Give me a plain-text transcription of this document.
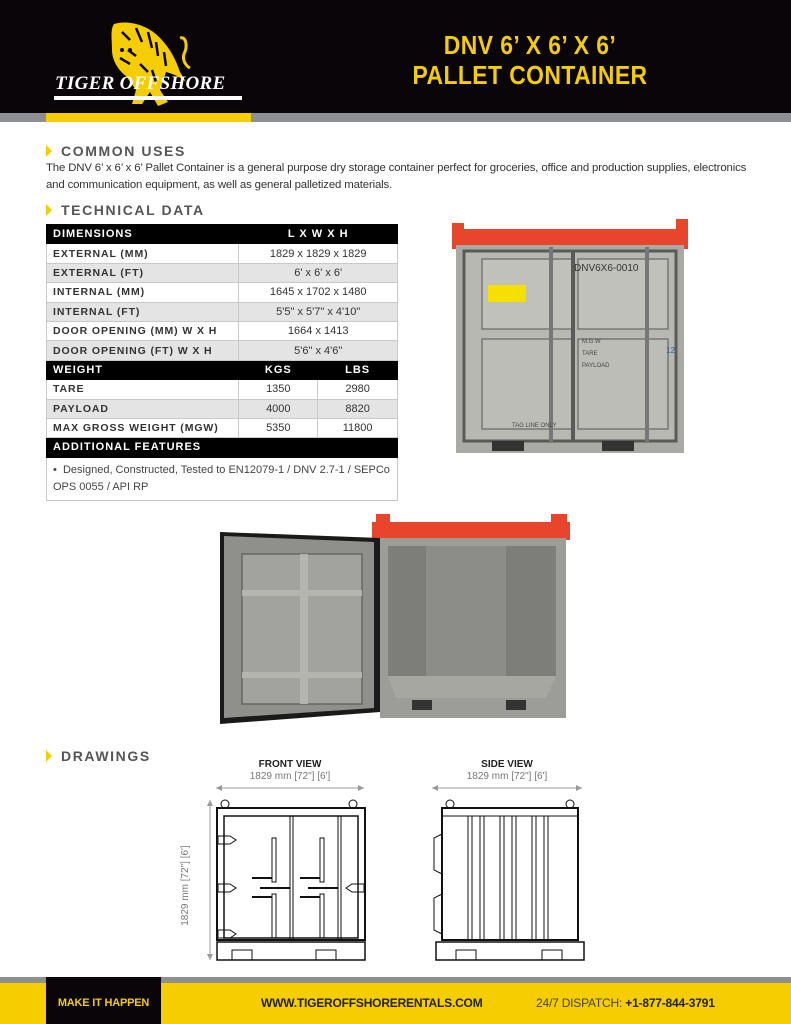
TIGER OFFSHORE
DNV 6’ X 6’ X 6’
PALLET CONTAINER
COMMON USES
The DNV 6’ x 6’ x 6’ Pallet Container is a general purpose dry storage container perfect for groceries, office and production supplies, electronics and communication equipment, as well as general palletized materials.
TECHNICAL DATA
DIMENSIONS	L X W X H	
EXTERNAL (MM)	1829 x 1829 x 1829	
EXTERNAL (FT)	6' x 6' x 6'	
INTERNAL (MM)	1645 x 1702 x 1480	
INTERNAL (FT)	5'5" x 5'7" x 4'10"	
DOOR OPENING (MM) W X H	1664 x 1413	
DOOR OPENING (FT) W X H	5'6" x 4'6"	
WEIGHT	KGS	LBS
TARE	1350	2980
PAYLOAD	4000	8820
MAX GROSS WEIGHT (MGW)	5350	11800
ADDITIONAL FEATURES		
•  Designed, Constructed, Tested to EN12079-1 / DNV 2.7-1 / SEPCo OPS 0055 / API RP		
DNV6X6-0010
M.G.W
TARE
PAYLOAD
TAG LINE ONLY
12
DRAWINGS
FRONT VIEW
1829 mm [72"] [6']
SIDE VIEW
1829 mm [72"] [6']
1829 mm [72"] [6']
MAKE IT HAPPEN	WWW.TIGEROFFSHORERENTALS.COM	24/7 DISPATCH: +1-877-844-3791
